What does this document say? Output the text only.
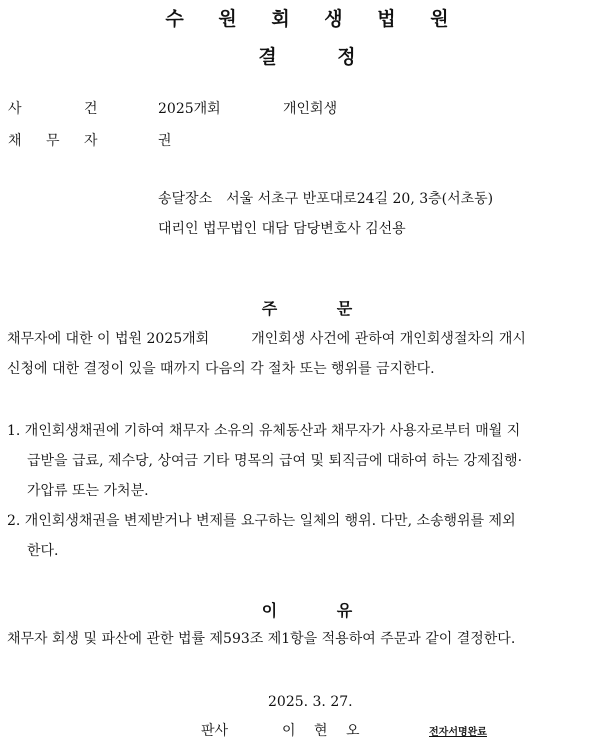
수 원 회 생 법 원
결 정
사	건	2025개회	개인회생
채 무 자	권
송달장소　서울 서초구 반포대로24길 20, 3층(서초동)
대리인 법무법인 대담 담당변호사 김선용
주 문
채무자에 대한 이 법원 2025개회　　　개인회생 사건에 관하여 개인회생절차의 개시
신청에 대한 결정이 있을 때까지 다음의 각 절차 또는 행위를 금지한다.
1. 개인회생채권에 기하여 채무자 소유의 유체동산과 채무자가 사용자로부터 매월 지
급받을 급료, 제수당, 상여금 기타 명목의 급여 및 퇴직금에 대하여 하는 강제집행·
가압류 또는 가처분.
2. 개인회생채권을 변제받거나 변제를 요구하는 일체의 행위. 다만, 소송행위를 제외
한다.
이 유
채무자 회생 및 파산에 관한 법률 제593조 제1항을 적용하여 주문과 같이 결정한다.
2025. 3. 27.
판사	이 현 오	전자서명완료
